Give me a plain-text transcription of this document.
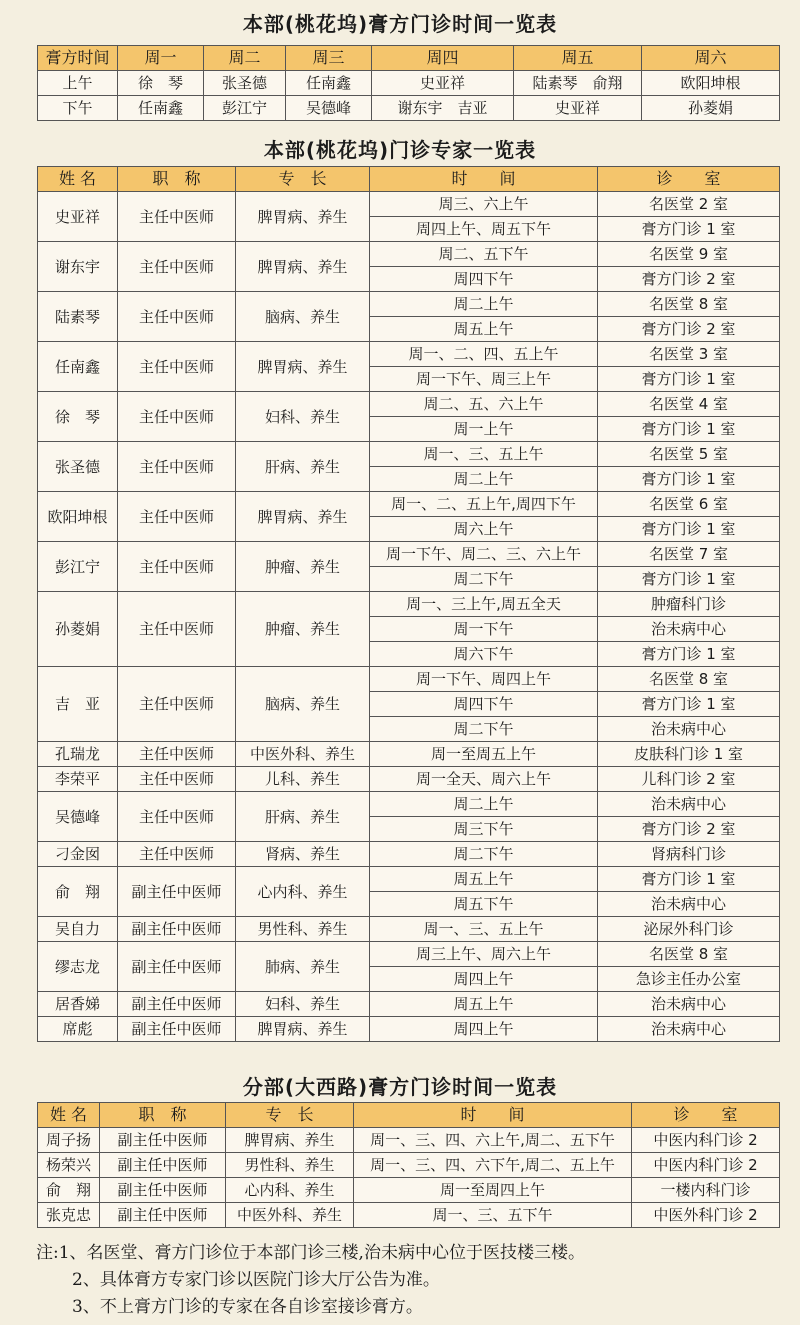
本部(桃花坞)膏方门诊时间一览表
膏方时间	周一	周二	周三	周四	周五	周六
上午	徐　琴	张圣德	任南鑫	史亚祥	陆素琴　俞翔	欧阳坤根
下午	任南鑫	彭江宁	吴德峰	谢东宇　吉亚	史亚祥	孙菱娟
本部(桃花坞)门诊专家一览表
姓 名	职　称	专　长	时　　间	诊　　室
史亚祥	主任中医师	脾胃病、养生	周三、六上午	名医堂 2 室
			周四上午、周五下午	膏方门诊 1 室
谢东宇	主任中医师	脾胃病、养生	周二、五下午	名医堂 9 室
			周四下午	膏方门诊 2 室
陆素琴	主任中医师	脑病、养生	周二上午	名医堂 8 室
			周五上午	膏方门诊 2 室
任南鑫	主任中医师	脾胃病、养生	周一、二、四、五上午	名医堂 3 室
			周一下午、周三上午	膏方门诊 1 室
徐　琴	主任中医师	妇科、养生	周二、五、六上午	名医堂 4 室
			周一上午	膏方门诊 1 室
张圣德	主任中医师	肝病、养生	周一、三、五上午	名医堂 5 室
			周二上午	膏方门诊 1 室
欧阳坤根	主任中医师	脾胃病、养生	周一、二、五上午,周四下午	名医堂 6 室
			周六上午	膏方门诊 1 室
彭江宁	主任中医师	肿瘤、养生	周一下午、周二、三、六上午	名医堂 7 室
			周二下午	膏方门诊 1 室
孙菱娟	主任中医师	肿瘤、养生	周一、三上午,周五全天	肿瘤科门诊
			周一下午	治未病中心
			周六下午	膏方门诊 1 室
吉　亚	主任中医师	脑病、养生	周一下午、周四上午	名医堂 8 室
			周四下午	膏方门诊 1 室
			周二下午	治未病中心
孔瑞龙	主任中医师	中医外科、养生	周一至周五上午	皮肤科门诊 1 室
李荣平	主任中医师	儿科、养生	周一全天、周六上午	儿科门诊 2 室
吴德峰	主任中医师	肝病、养生	周二上午	治未病中心
			周三下午	膏方门诊 2 室
刁金囡	主任中医师	肾病、养生	周二下午	肾病科门诊
俞　翔	副主任中医师	心内科、养生	周五上午	膏方门诊 1 室
			周五下午	治未病中心
吴自力	副主任中医师	男性科、养生	周一、三、五上午	泌尿外科门诊
缪志龙	副主任中医师	肺病、养生	周三上午、周六上午	名医堂 8 室
			周四上午	急诊主任办公室
居香娣	副主任中医师	妇科、养生	周五上午	治未病中心
席彪	副主任中医师	脾胃病、养生	周四上午	治未病中心
分部(大西路)膏方门诊时间一览表
姓 名	职　称	专　长	时　　间	诊　　室
周子扬	副主任中医师	脾胃病、养生	周一、三、四、六上午,周二、五下午	中医内科门诊 2
杨荣兴	副主任中医师	男性科、养生	周一、三、四、六下午,周二、五上午	中医内科门诊 2
俞　翔	副主任中医师	心内科、养生	周一至周四上午	一楼内科门诊
张克忠	副主任中医师	中医外科、养生	周一、三、五下午	中医外科门诊 2
注:1、名医堂、膏方门诊位于本部门诊三楼,治未病中心位于医技楼三楼。
2、具体膏方专家门诊以医院门诊大厅公告为准。
3、不上膏方门诊的专家在各自诊室接诊膏方。
